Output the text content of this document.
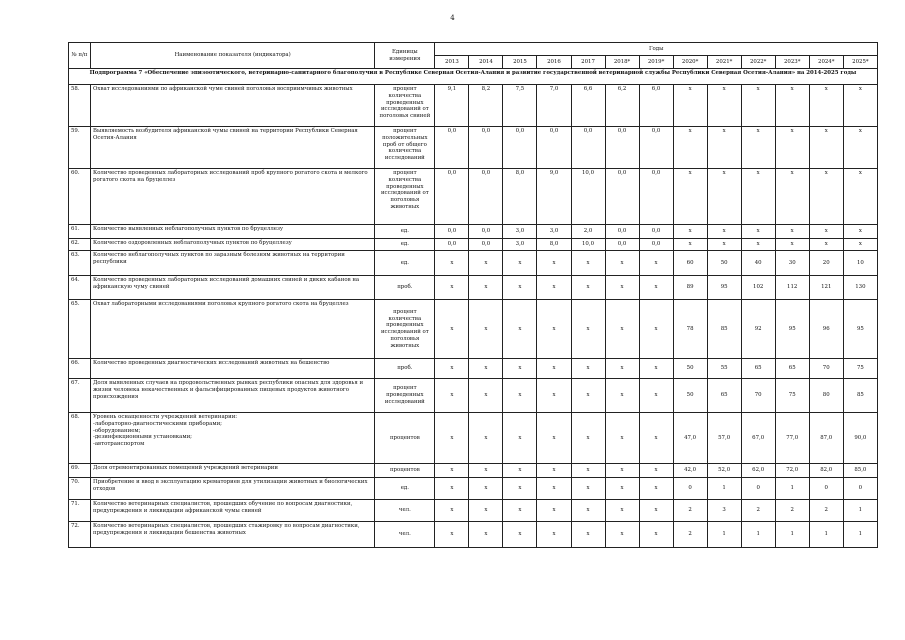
4
№ п/п	Наименование показателя (индикатора)	Единицы измерения	Годы												
			2013	2014	2015	2016	2017	2018*	2019*	2020*	2021*	2022*	2023*	2024*	2025*
Подпрограмма 7 «Обеспечение эпизоотического, ветеринарно-санитарного благополучия в Республике Северная Осетия-Алания и развитие государственной ветеринарной службы Республики Северная Осетия-Алания» на 2014-2025 годы															
58.	Охват исследованиями по африканской чуме свиней поголовья восприимчивых животных	процент количества проведенных исследований от поголовья свиней	9,1	8,2	7,5	7,0	6,6	6,2	6,0	x	x	x	x	x	x
59.	Выявляемость возбудителя африканской чумы свиней на территории Республики Северная Осетия-Алания	процент положительных проб от общего количества исследований	0,0	0,0	0,0	0,0	0,0	0,0	0,0	x	x	x	x	x	x
60.	Количество проведенных лабораторных исследований проб крупного рогатого скота и мелкого рогатого скота на бруцеллез	процент количества проведенных исследований от поголовья животных	0,0	0,0	8,0	9,0	10,0	0,0	0,0	x	x	x	x	x	x
61.	Количество выявленных неблагополучных пунктов по бруцеллезу	ед.	0,0	0,0	3,0	3,0	2,0	0,0	0,0	x	x	x	x	x	x
62.	Количество оздоровленных неблагополучных пунктов по бруцеллезу	ед.	0,0	0,0	3,0	8,0	10,0	0,0	0,0	x	x	x	x	x	x
63.	Количество неблагополучных пунктов по заразным болезням животных на территории республики	ед.	x	x	x	x	x	x	x	60	50	40	30	20	10
64.	Количество проведенных лабораторных исследований домашних свиней и диких кабанов на африканскую чуму свиней	проб.	x	x	x	x	x	x	x	89	95	102	112	121	130
65.	Охват лабораторными исследованиями поголовья крупного рогатого скота на бруцеллез	процент количества проведенных исследований от поголовья животных	x	x	x	x	x	x	x	78	85	92	95	96	95
66.	Количество проведенных диагностических исследований животных на бешенство	проб.	x	x	x	x	x	x	x	50	55	65	65	70	75
67.	Доля выявленных случаев на продовольственных рынках республики опасных для здоровья и жизни человека некачественных и фальсифицированных пищевых продуктов животного происхождения	процент проведенных исследований	x	x	x	x	x	x	x	50	65	70	75	80	85
68.	Уровень оснащенности учреждений ветеринарии:
-лабораторно-диагностическими приборами;
-оборудованием;
-дезинфекционными установками;
-автотранспортом	процентов	x	x	x	x	x	x	x	47,0	57,0	67,0	77,0	87,0	90,0
69.	Доля отремонтированных помещений учреждений ветеринарии	процентов	x	x	x	x	x	x	x	42,0	52,0	62,0	72,0	82,0	85,0
70.	Приобретение и ввод в эксплуатацию крематориев для утилизации животных и биологических отходов	ед.	x	x	x	x	x	x	x	0	1	0	1	0	0
71.	Количество ветеринарных специалистов, прошедших обучение по вопросам диагностики, предупреждения и ликвидации африканской чумы свиней	чел.	x	x	x	x	x	x	x	2	3	2	2	2	1
72.	Количество ветеринарных специалистов, прошедших стажировку по вопросам диагностики, предупреждения и ликвидации бешенства животных	чел.	x	x	x	x	x	x	x	2	1	1	1	1	1
